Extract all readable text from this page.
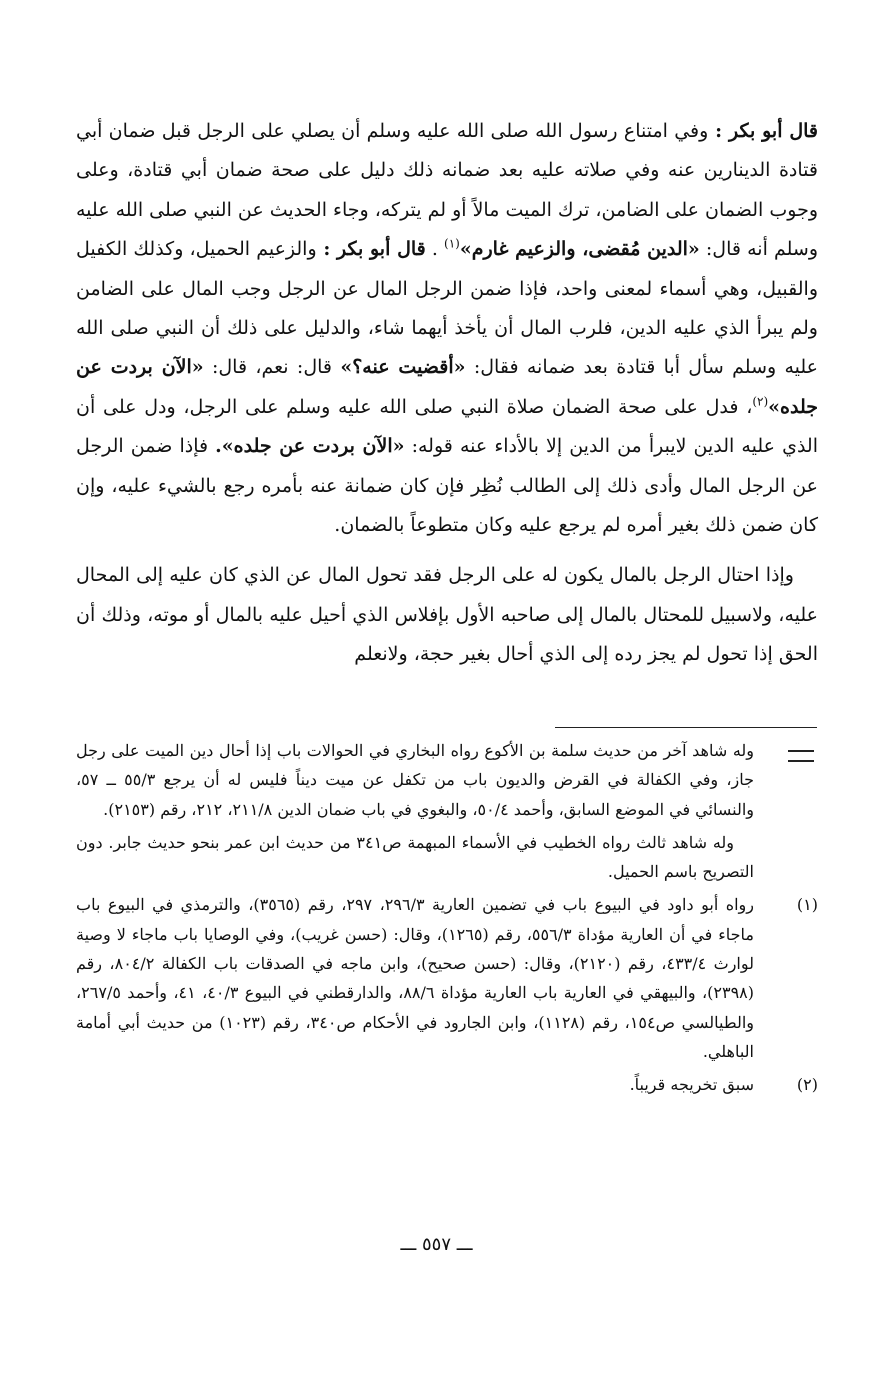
قال أبو بكر : وفي امتناع رسول الله صلى الله عليه وسلم أن يصلي على الرجل قبل ضمان أبي قتادة الدينارين عنه وفي صلاته عليه بعد ضمانه ذلك دليل على صحة ضمان أبي قتادة، وعلى وجوب الضمان على الضامن، ترك الميت مالاً أو لم يتركه، وجاء الحديث عن النبي صلى الله عليه وسلم أنه قال: «الدين مُقضى، والزعيم غارم»$^{(١)}$ . قال أبو بكر : والزعيم الحميل، وكذلك الكفيل والقبيل، وهي أسماء لمعنى واحد، فإذا ضمن الرجل المال عن الرجل وجب المال على الضامن ولم يبرأ الذي عليه الدين، فلرب المال أن يأخذ أيهما شاء، والدليل على ذلك أن النبي صلى الله عليه وسلم سأل أبا قتادة بعد ضمانه فقال: «أقضيت عنه؟» قال: نعم، قال: «الآن بردت عن جلده»$^{(٢)}$، فدل على صحة الضمان صلاة النبي صلى الله عليه وسلم على الرجل، ودل على أن الذي عليه الدين لايبرأ من الدين إلا بالأداء عنه قوله: «الآن بردت عن جلده». فإذا ضمن الرجل عن الرجل المال وأدى ذلك إلى الطالب نُظِر فإن كان ضمانة عنه بأمره رجع بالشيء عليه، وإن كان ضمن ذلك بغير أمره لم يرجع عليه وكان متطوعاً بالضمان.

وإذا احتال الرجل بالمال يكون له على الرجل فقد تحول المال عن الذي كان عليه إلى المحال عليه، ولاسبيل للمحتال بالمال إلى صاحبه الأول بإفلاس الذي أحيل عليه بالمال أو موته، وذلك أن الحق إذا تحول لم يجز رده إلى الذي أحال بغير حجة، ولانعلم

وله شاهد آخر من حديث سلمة بن الأكوع رواه البخاري في الحوالات باب إذا أحال دين الميت على رجل جاز، وفي الكفالة في القرض والديون باب من تكفل عن ميت ديناً فليس له أن يرجع ٥٥/٣ ــ ٥٧، والنسائي في الموضع السابق، وأحمد ٥٠/٤، والبغوي في باب ضمان الدين ٢١١/٨، ٢١٢، رقم (٢١٥٣).
وله شاهد ثالث رواه الخطيب في الأسماء المبهمة ص٣٤١ من حديث ابن عمر بنحو حديث جابر. دون التصريح باسم الحميل.
(١)
رواه أبو داود في البيوع باب في تضمين العارية ٢٩٦/٣، ٢٩٧، رقم (٣٥٦٥)، والترمذي في البيوع باب ماجاء في أن العارية مؤداة ٥٥٦/٣، رقم (١٢٦٥)، وقال: (حسن غريب)، وفي الوصايا باب ماجاء لا وصية لوارث ٤٣٣/٤، رقم (٢١٢٠)، وقال: (حسن صحيح)، وابن ماجه في الصدقات باب الكفالة ٨٠٤/٢، رقم (٢٣٩٨)، والبيهقي في العارية باب العارية مؤداة ٨٨/٦، والدارقطني في البيوع ٤٠/٣، ٤١، وأحمد ٢٦٧/٥، والطيالسي ص١٥٤، رقم (١١٢٨)، وابن الجارود في الأحكام ص٣٤٠، رقم (١٠٢٣) من حديث أبي أمامة الباهلي.
(٢)
سبق تخريجه قريباً.
ـــ ٥٥٧ ـــ
